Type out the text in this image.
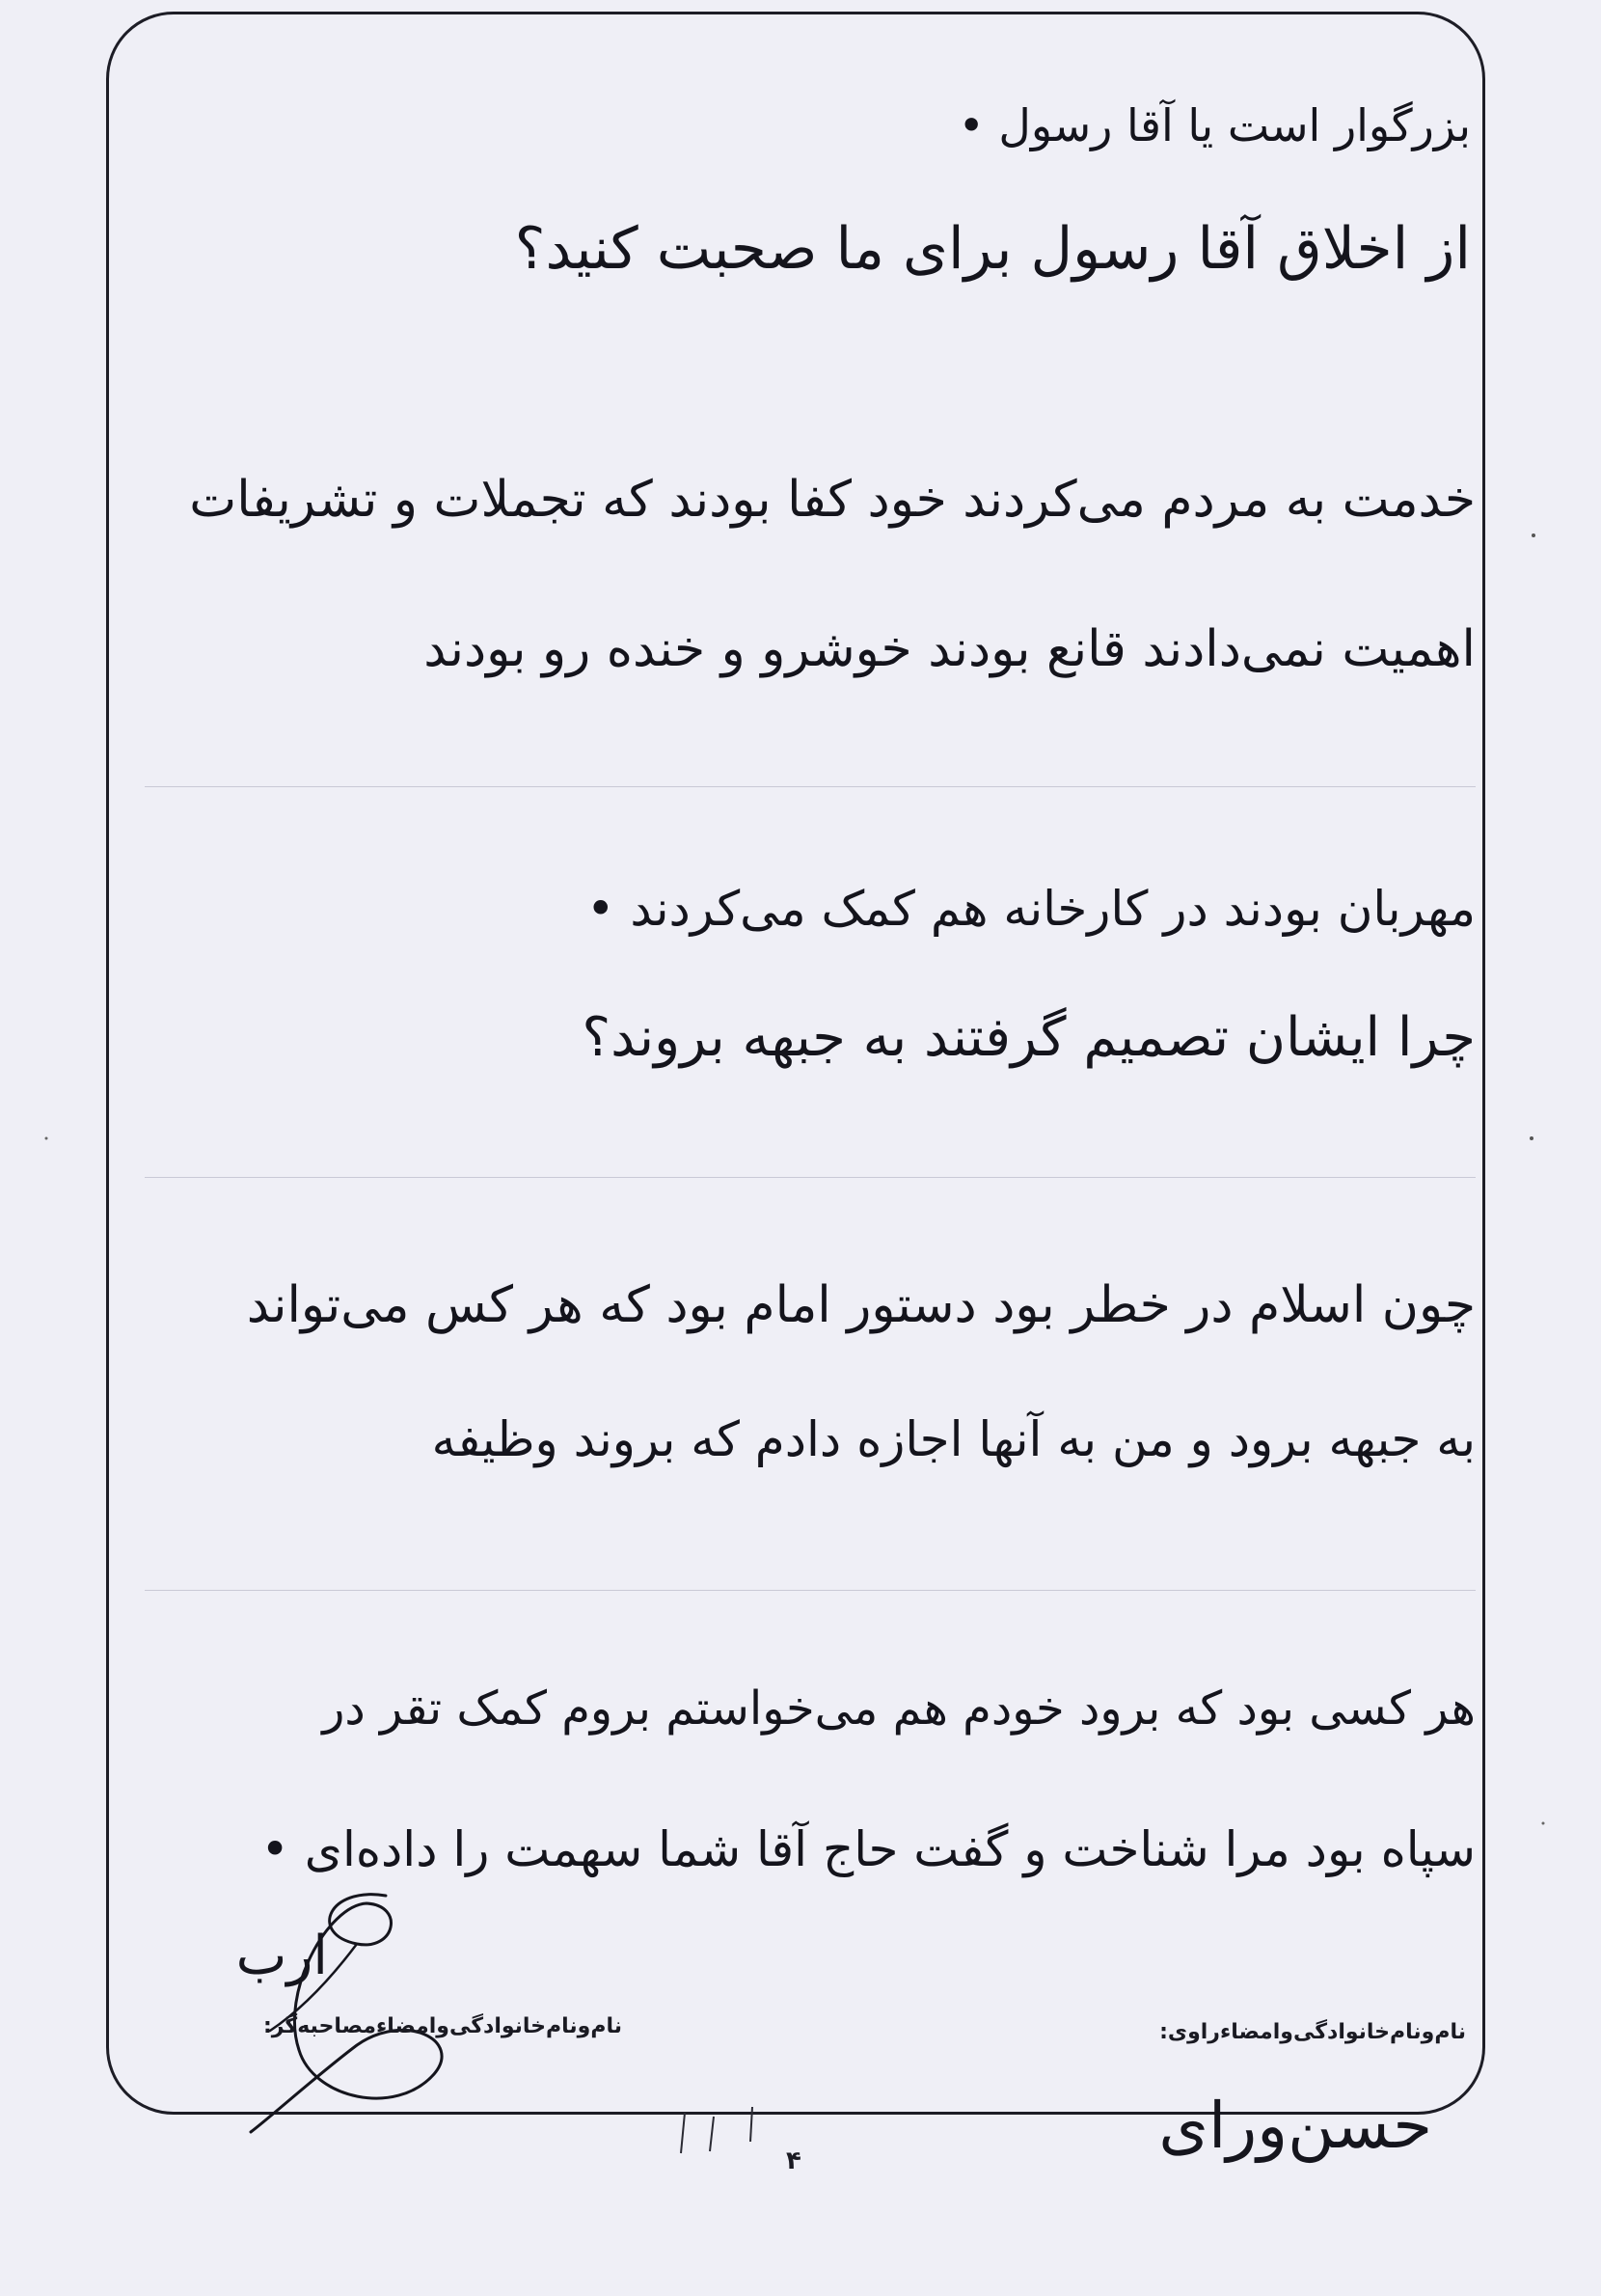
بزرگوار است یا آقا رسول •
از اخلاق آقا رسول برای ما صحبت کنید؟
خدمت به مردم می‌کردند خود کفا بودند که تجملات و تشریفات
اهمیت نمی‌دادند قانع بودند خوشرو و خنده رو بودند
مهربان بودند در کارخانه هم کمک می‌کردند •
چرا ایشان تصمیم گرفتند به جبهه بروند؟
چون اسلام در خطر بود دستور امام بود که هر کس می‌تواند
به جبهه برود و من به آنها اجازه دادم که بروند وظیفه
هر کسی بود که برود خودم هم می‌خواستم بروم کمک تقر در
سپاه بود مرا شناخت و گفت حاج آقا شما سهمت را داده‌ای •
ارب
نام‌ونام‌خانوادگی‌وامضاءمصاحبه‌گر:	نام‌ونام‌خانوادگی‌وامضاءراوی:
حسن‌ورای
۴
